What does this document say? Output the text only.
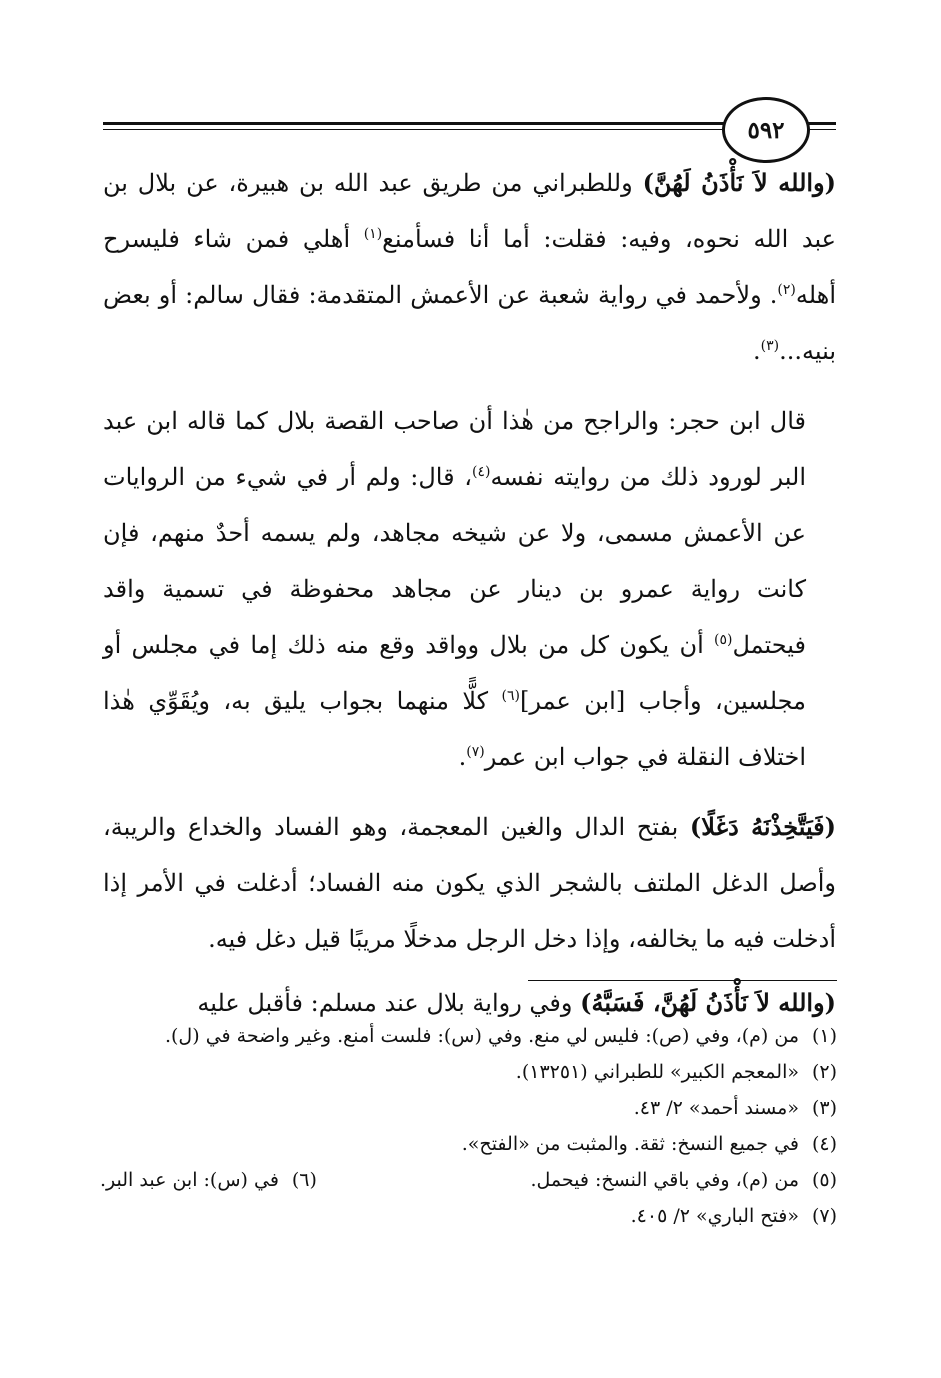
٥٩٢

(والله لاَ نَأْذَنُ لَهُنَّ) وللطبراني من طريق عبد الله بن هبيرة، عن بلال بن عبد الله نحوه، وفيه: فقلت: أما أنا فسأمنع$^{(١)}$ أهلي فمن شاء فليسرح أهله$^{(٢)}$. ولأحمد في رواية شعبة عن الأعمش المتقدمة: فقال سالم: أو بعض بنيه...$^{(٣)}$.

قال ابن حجر: والراجح من هٰذا أن صاحب القصة بلال كما قاله ابن عبد البر لورود ذلك من روايته نفسه$^{(٤)}$، قال: ولم أر في شيء من الروايات عن الأعمش مسمى، ولا عن شيخه مجاهد، ولم يسمه أحدٌ منهم، فإن كانت رواية عمرو بن دينار عن مجاهد محفوظة في تسمية واقد فيحتمل$^{(٥)}$ أن يكون كل من بلال وواقد وقع منه ذلك إما في مجلس أو مجلسين، وأجاب [ابن عمر]$^{(٦)}$ كلًّا منهما بجواب يليق به، ويُقَوِّي هٰذا اختلاف النقلة في جواب ابن عمر$^{(٧)}$.

(فَيَتَّخِذْنَهُ دَغَلًا) بفتح الدال والغين المعجمة، وهو الفساد والخداع والريبة، وأصل الدغل الملتف بالشجر الذي يكون منه الفساد؛ أدغلت في الأمر إذا أدخلت فيه ما يخالفه، وإذا دخل الرجل مدخلًا مريبًا قيل دغل فيه.

(والله لاَ نَأْذَنُ لَهُنَّ، فَسَبَّهُ) وفي رواية بلال عند مسلم: فأقبل عليه

(١)من (م)، وفي (ص): فليس لي منع. وفي (س): فلست أمنع. وغير واضحة في (ل).
(٢)«المعجم الكبير» للطبراني (١٣٢٥١).
(٣)«مسند أحمد» ٢/ ٤٣.
(٤)في جميع النسخ: ثقة. والمثبت من «الفتح».
(٥)من (م)، وفي باقي النسخ: فيحمل.
(٦)في (س): ابن عبد البر.
(٧)«فتح الباري» ٢/ ٤٠٥.
